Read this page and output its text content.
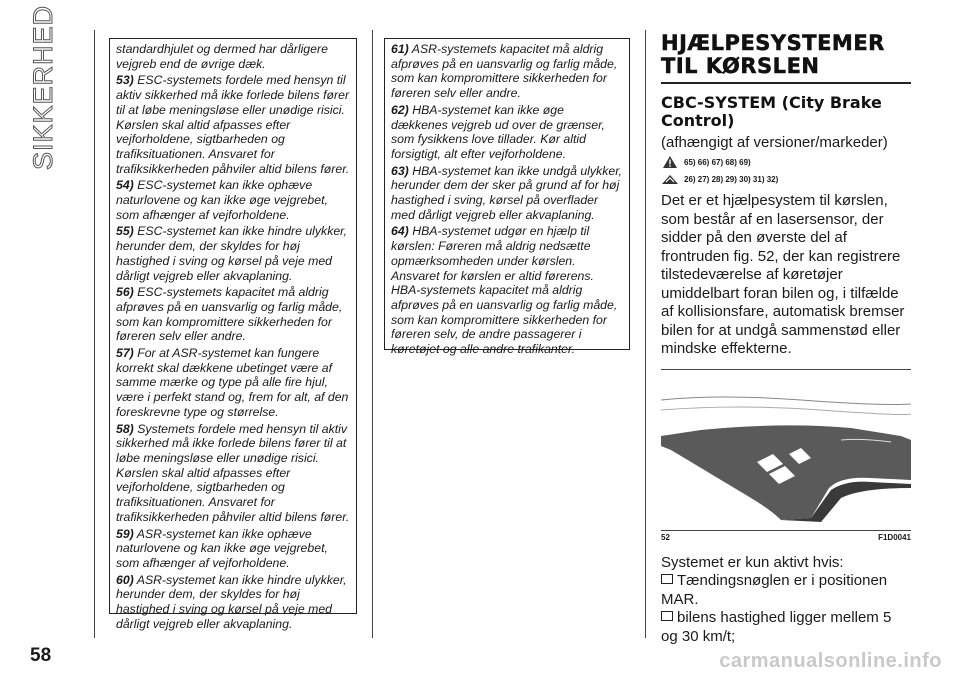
SIKKERHED	standardhjulet og dermed har dårligere vejgreb end de øvrige dæk.

53) ESC-systemets fordele med hensyn til aktiv sikkerhed må ikke forlede bilens fører til at løbe meningsløse eller unødige risici. Kørslen skal altid afpasses efter vejforholdene, sigtbarheden og trafiksituationen. Ansvaret for trafiksikkerheden påhviler altid bilens fører.

54) ESC-systemet kan ikke ophæve naturlovene og kan ikke øge vejgrebet, som afhænger af vejforholdene.

55) ESC-systemet kan ikke hindre ulykker, herunder dem, der skyldes for høj hastighed i sving og kørsel på veje med dårligt vejgreb eller akvaplaning.

56) ESC-systemets kapacitet må aldrig afprøves på en uansvarlig og farlig måde, som kan kompromittere sikkerheden for føreren selv eller andre.

57) For at ASR-systemet kan fungere korrekt skal dækkene ubetinget være af samme mærke og type på alle fire hjul, være i perfekt stand og, frem for alt, af den foreskrevne type og størrelse.

58) Systemets fordele med hensyn til aktiv sikkerhed må ikke forlede bilens fører til at løbe meningsløse eller unødige risici. Kørslen skal altid afpasses efter vejforholdene, sigtbarheden og trafiksituationen. Ansvaret for trafiksikkerheden påhviler altid bilens fører.

59) ASR-systemet kan ikke ophæve naturlovene og kan ikke øge vejgrebet, som afhænger af vejforholdene.

60) ASR-systemet kan ikke hindre ulykker, herunder dem, der skyldes for høj hastighed i sving og kørsel på veje med dårligt vejgreb eller akvaplaning.

61) ASR-systemets kapacitet må aldrig afprøves på en uansvarlig og farlig måde, som kan kompromittere sikkerheden for føreren selv eller andre.

62) HBA-systemet kan ikke øge dækkenes vejgreb ud over de grænser, som fysikkens love tillader. Kør altid forsigtigt, alt efter vejforholdene.

63) HBA-systemet kan ikke undgå ulykker, herunder dem der sker på grund af for høj hastighed i sving, kørsel på overflader med dårligt vejgreb eller akvaplaning.

64) HBA-systemet udgør en hjælp til kørslen: Føreren må aldrig nedsætte opmærksomheden under kørslen. Ansvaret for kørslen er altid førerens. HBA-systemets kapacitet må aldrig afprøves på en uansvarlig og farlig måde, som kan kompromittere sikkerheden for føreren selv, de andre passagerer i køretøjet og alle andre trafikanter.

HJÆLPESYSTEMER TIL KØRSLEN
CBC-SYSTEM (City Brake Control)
(afhængigt af versioner/markeder)
65) 66) 67) 68) 69)
26) 27) 28) 29) 30) 31) 32)
Det er et hjælpesystem til kørslen, som består af en lasersensor, der sidder på den øverste del af frontruden fig. 52, der kan registrere tilstedeværelse af køretøjer umiddelbart foran bilen og, i tilfælde af kollisionsfare, automatisk bremser bilen for at undgå sammenstød eller mindske effekterne.
52	F1D0041
Systemet er kun aktivt hvis:
Tændingsnøglen er i positionen MAR.
bilens hastighed ligger mellem 5 og 30 km/t;
58	carmanualsonline.info
